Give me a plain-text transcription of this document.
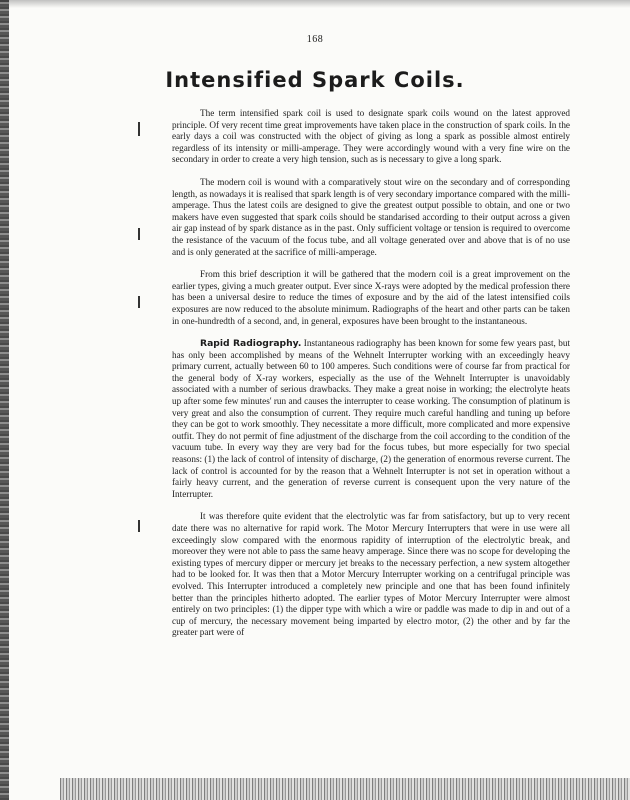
168
Intensified Spark Coils.

The term intensified spark coil is used to designate spark coils wound on the latest approved principle. Of very recent time great improvements have taken place in the construction of spark coils. In the early days a coil was constructed with the object of giving as long a spark as possible almost entirely regardless of its intensity or milli-amperage. They were accordingly wound with a very fine wire on the secondary in order to create a very high tension, such as is necessary to give a long spark.

The modern coil is wound with a comparatively stout wire on the secondary and of corresponding length, as nowadays it is realised that spark length is of very secondary importance compared with the milli-amperage. Thus the latest coils are designed to give the greatest output possible to obtain, and one or two makers have even suggested that spark coils should be standarised according to their output across a given air gap instead of by spark distance as in the past. Only sufficient voltage or tension is required to overcome the resistance of the vacuum of the focus tube, and all voltage generated over and above that is of no use and is only generated at the sacrifice of milli-amperage.

From this brief description it will be gathered that the modern coil is a great improvement on the earlier types, giving a much greater output. Ever since X-rays were adopted by the medical profession there has been a universal desire to reduce the times of exposure and by the aid of the latest intensified coils exposures are now reduced to the absolute minimum. Radiographs of the heart and other parts can be taken in one-hundredth of a second, and, in general, exposures have been brought to the instantaneous.

Rapid Radiography. Instantaneous radiography has been known for some few years past, but has only been accomplished by means of the Wehnelt Interrupter working with an exceedingly heavy primary current, actually between 60 to 100 amperes. Such conditions were of course far from practical for the general body of X-ray workers, especially as the use of the Wehnelt Interrupter is unavoidably associated with a number of serious drawbacks. They make a great noise in working; the electrolyte heats up after some few minutes' run and causes the interrupter to cease working. The consumption of platinum is very great and also the consumption of current. They require much careful handling and tuning up before they can be got to work smoothly. They necessitate a more difficult, more complicated and more expensive outfit. They do not permit of fine adjustment of the discharge from the coil according to the condition of the vacuum tube. In every way they are very bad for the focus tubes, but more especially for two special reasons: (1) the lack of control of intensity of discharge, (2) the generation of enormous reverse current. The lack of control is accounted for by the reason that a Wehnelt Interrupter is not set in operation without a fairly heavy current, and the generation of reverse current is consequent upon the very nature of the Interrupter.

It was therefore quite evident that the electrolytic was far from satisfactory, but up to very recent date there was no alternative for rapid work. The Motor Mercury Interrupters that were in use were all exceedingly slow compared with the enormous rapidity of interruption of the electrolytic break, and moreover they were not able to pass the same heavy amperage. Since there was no scope for developing the existing types of mercury dipper or mercury jet breaks to the necessary perfection, a new system altogether had to be looked for. It was then that a Motor Mercury Interrupter working on a centrifugal principle was evolved. This Interrupter introduced a completely new principle and one that has been found infinitely better than the principles hitherto adopted. The earlier types of Motor Mercury Interrupter were almost entirely on two principles: (1) the dipper type with which a wire or paddle was made to dip in and out of a cup of mercury, the necessary movement being imparted by electro motor, (2) the other and by far the greater part were of
